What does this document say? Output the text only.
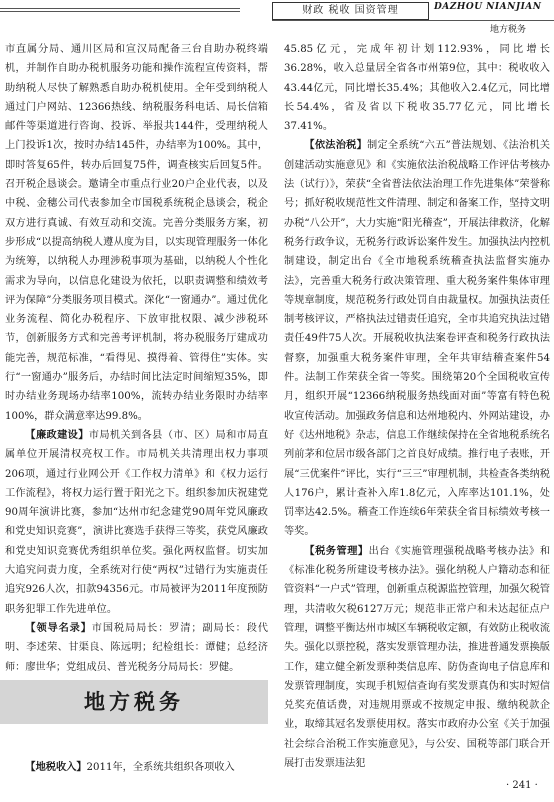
财政 税收 国资管理	DAZHOU NIANJIAN
地方税务

市直属分局、通川区局和宣汉局配备三台自助办税终端机，并制作自助办税机服务功能和操作流程宣传资料，帮助纳税人尽快了解熟悉自助办税机使用。全年受到纳税人通过门户网站、12366热线、纳税服务科电话、局长信箱邮件等渠道进行咨询、投诉、举报共144件，受理纳税人上门投诉1次，按时办结145件，办结率为100%。其中，即时答复65件，转办后回复75件，调查核实后回复5件。召开税企恳谈会。邀请全市重点行业20户企业代表，以及中税、金穗公司代表参加全市国税系统税企恳谈会，税企双方进行真诚、有效互动和交流。完善分类服务方案，初步形成“以提高纳税人遵从度为目，以实现管理服务一体化为统筹，以纳税人办理涉税事项为基础，以纳税人个性化需求为导向，以信息化建设为依托，以职责调整和绩效考评为保障”分类服务项目模式。深化“一窗通办”。通过优化业务流程、简化办税程序、下放审批权限、减少涉税环节，创新服务方式和完善考评机制，将办税服务厅建成功能完善，规范标准，“看得见、摸得着、管得住”实体。实行“一窗通办”服务后，办结时间比法定时间缩短35%，即时办结业务现场办结率100%，流转办结业务限时办结率100%，群众满意率达99.8%。

【廉政建设】市局机关到各县（市、区）局和市局直属单位开展清权亮权工作。市局机关共清理出权力事项206项，通过行业网公开《工作权力清单》和《权力运行工作流程》，将权力运行置于阳光之下。组织参加庆祝建党90周年演讲比赛，参加“达州市纪念建党90周年党风廉政和党史知识竞赛”，演讲比赛选手获得三等奖，获党风廉政和党史知识竞赛优秀组织单位奖。强化两权监督。切实加大追究问责力度，全系统对行使“两权”过错行为实施责任追究926人次，扣款94356元。市局被评为2011年度预防职务犯罪工作先进单位。

【领导名录】市国税局局长：罗清；副局长：段代明、李述荣、甘渠良、陈远明；纪检组长：谭健；总经济师：廖世华；党组成员、普光税务分局局长：罗健。

地方税务

【地税收入】2011年，全系统共组织各项收入

45.85亿元，完成年初计划112.93%，同比增长36.28%，收入总量居全省各市州第9位，其中：税收收入43.44亿元，同比增长35.4%；其他收入2.4亿元，同比增长54.4%，省及省以下税收35.77亿元，同比增长37.41%。

【依法治税】制定全系统“六五”普法规划、《法治机关创建活动实施意见》和《实施依法治税战略工作评估考核办法（试行）》，荣获“全省普法依法治理工作先进集体”荣誉称号；抓好税收规范性文件清理、制定和备案工作，坚持文明办税“八公开”，大力实施“阳光稽查”，开展法律救济，化解税务行政争议，无税务行政诉讼案件发生。加强执法内控机制建设，制定出台《全市地税系统稽查执法监督实施办法》，完善重大税务行政决策管理、重大税务案件集体审理等规章制度，规范税务行政处罚自由裁量权。加强执法责任制考核评议，严格执法过错责任追究，全市共追究执法过错责任49件75人次。开展税收执法案卷评查和税务行政执法督察，加强重大税务案件审理，全年共审结稽查案件54件。法制工作荣获全省一等奖。围绕第20个全国税收宣传月，组织开展“12366纳税服务热线面对面”等富有特色税收宣传活动。加强政务信息和达州地税内、外网站建设，办好《达州地税》杂志，信息工作继续保持在全省地税系统名列前茅和位居市级各部门之首良好成绩。推行电子表账，开展“三优案件”评比，实行“三三”审理机制，共检查各类纳税人176户，累计查补入库1.8亿元，入库率达101.1%，处罚率达42.5%。稽查工作连续6年荣获全省目标绩效考核一等奖。

【税务管理】出台《实施管理强税战略考核办法》和《标准化税务所建设考核办法》。强化纳税人户籍动态和征管资料“一户式”管理，创新重点税源监控管理，加强欠税管理，共清收欠税6127万元；规范非正常户和未达起征点户管理，调整平衡达州市城区车辆税收定额，有效防止税收流失。强化以票控税，落实发票管理办法，推进普通发票换版工作，建立健全新发票种类信息库、防伪查询电子信息库和发票管理制度，实现手机短信查询有奖发票真伪和实时短信兑奖充值话费，对违规用票或不按规定申报、缴纳税款企业，取缔其冠名发票使用权。落实市政府办公室《关于加强社会综合治税工作实施意见》，与公安、国税等部门联合开展打击发票违法犯

· 241 ·
